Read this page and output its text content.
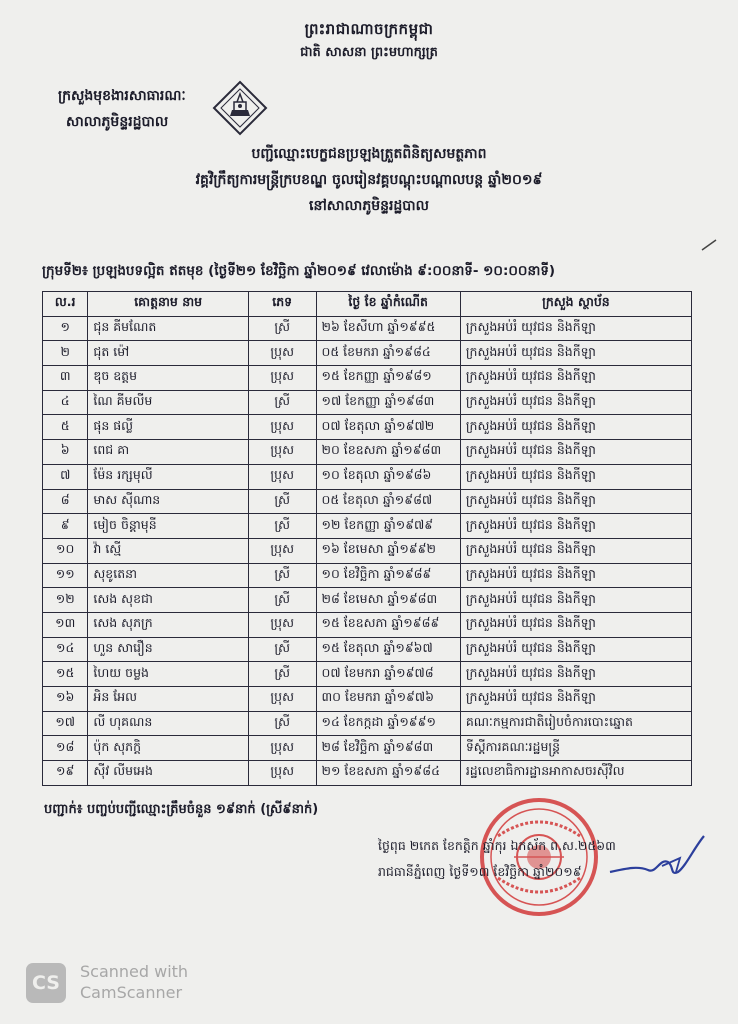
ព្រះរាជាណាចក្រកម្ពុជា
ជាតិ សាសនា ព្រះមហាក្សត្រ
ក្រសួងមុខងារសាធារណៈ
សាលាភូមិន្ទរដ្ឋបាល
បញ្ជីឈ្មោះបេក្ខជនប្រឡងត្រួតពិនិត្យសមត្ថភាព
វគ្គវិក្រឹត្យការមន្ត្រីក្របខណ្ឌ ចូលរៀនវគ្គបណ្តុះបណ្តាលបន្ត ឆ្នាំ២០១៩
នៅសាលាភូមិន្ទរដ្ឋបាល
ក្រុមទី២៖ ប្រឡងបទល្អិត ឥតមុខ (ថ្ងៃទី២១ ខែវិច្ឆិកា ឆ្នាំ២០១៩ វេលាម៉ោង ៩:០០នាទី- ១០:០០នាទី)
ល.រ	គោត្តនាម នាម	ភេទ	ថ្ងៃ ខែ ឆ្នាំកំណើត	ក្រសួង ស្ថាប័ន
១	ជុន គីមណែត	ស្រី	២៦ ខែសីហា ឆ្នាំ១៩៩៥	ក្រសួងអប់រំ យុវជន និងកីឡា
២	ជុត ម៉ៅ	ប្រុស	០៥ ខែមករា ឆ្នាំ១៩៨៤	ក្រសួងអប់រំ យុវជន និងកីឡា
៣	ឌុច ឧត្តម	ប្រុស	១៥ ខែកញ្ញា ឆ្នាំ១៩៨១	ក្រសួងអប់រំ យុវជន និងកីឡា
៤	ណៃ គីមលីម	ស្រី	១៧ ខែកញ្ញា ឆ្នាំ១៩៨៣	ក្រសួងអប់រំ យុវជន និងកីឡា
៥	ផុន ផល្លី	ប្រុស	០៧ ខែតុលា ឆ្នាំ១៩៧២	ក្រសួងអប់រំ យុវជន និងកីឡា
៦	ពេជ គា	ប្រុស	២០ ខែឧសភា ឆ្នាំ១៩៨៣	ក្រសួងអប់រំ យុវជន និងកីឡា
៧	ម៉ែន រក្សមុលី	ប្រុស	១០ ខែតុលា ឆ្នាំ១៩៨៦	ក្រសួងអប់រំ យុវជន និងកីឡា
៨	មាស ស៊ីណាន	ស្រី	០៥ ខែតុលា ឆ្នាំ១៩៨៧	ក្រសួងអប់រំ យុវជន និងកីឡា
៩	មៀច ចិន្តាមុនី	ស្រី	១២ ខែកញ្ញា ឆ្នាំ១៩៧៩	ក្រសួងអប់រំ យុវជន និងកីឡា
១០	វ៉ា ស្មើ	ប្រុស	១៦ ខែមេសា ឆ្នាំ១៩៩២	ក្រសួងអប់រំ យុវជន និងកីឡា
១១	សុខូតេនា	ស្រី	១០ ខែវិច្ឆិកា ឆ្នាំ១៩៨៩	ក្រសួងអប់រំ យុវជន និងកីឡា
១២	សេង សុខជា	ស្រី	២៨ ខែមេសា ឆ្នាំ១៩៨៣	ក្រសួងអប់រំ យុវជន និងកីឡា
១៣	សេង សុភក្រ	ប្រុស	១៥ ខែឧសភា ឆ្នាំ១៩៨៩	ក្រសួងអប់រំ យុវជន និងកីឡា
១៤	ហួន សារឿន	ស្រី	១៥ ខែតុលា ឆ្នាំ១៩៦៧	ក្រសួងអប់រំ យុវជន និងកីឡា
១៥	ហៃយ ចម្លង	ស្រី	០៧ ខែមករា ឆ្នាំ១៩៧៨	ក្រសួងអប់រំ យុវជន និងកីឡា
១៦	អិន អែល	ប្រុស	៣០ ខែមករា ឆ្នាំ១៩៧៦	ក្រសួងអប់រំ យុវជន និងកីឡា
១៧	លី ហុគណន	ស្រី	១៤ ខែកក្កដា ឆ្នាំ១៩៩១	គណៈកម្មការជាតិរៀបចំការបោះឆ្នោត
១៨	ប៉ុក សុភក្តិ	ប្រុស	២៨ ខែវិច្ឆិកា ឆ្នាំ១៩៨៣	ទីស្តីការគណៈរដ្ឋមន្ត្រី
១៩	ស៊ីវ លីមអេង	ប្រុស	២១ ខែឧសភា ឆ្នាំ១៩៨៤	រដ្ឋលេខាធិការដ្ឋានអាកាសចរស៊ីវិល
បញ្ជាក់៖ បញ្ចប់បញ្ជីឈ្មោះត្រឹមចំនួន ១៩នាក់ (ស្រី៩នាក់)
ថ្ងៃពុធ ២កេត ខែកត្តិក ឆ្នាំកុរ ឯកស័ក ព.ស.២៥៦៣
រាជធានីភ្នំពេញ ថ្ងៃទី១៣ ខែវិច្ឆិកា ឆ្នាំ២០១៩
CS
Scanned with
CamScanner
